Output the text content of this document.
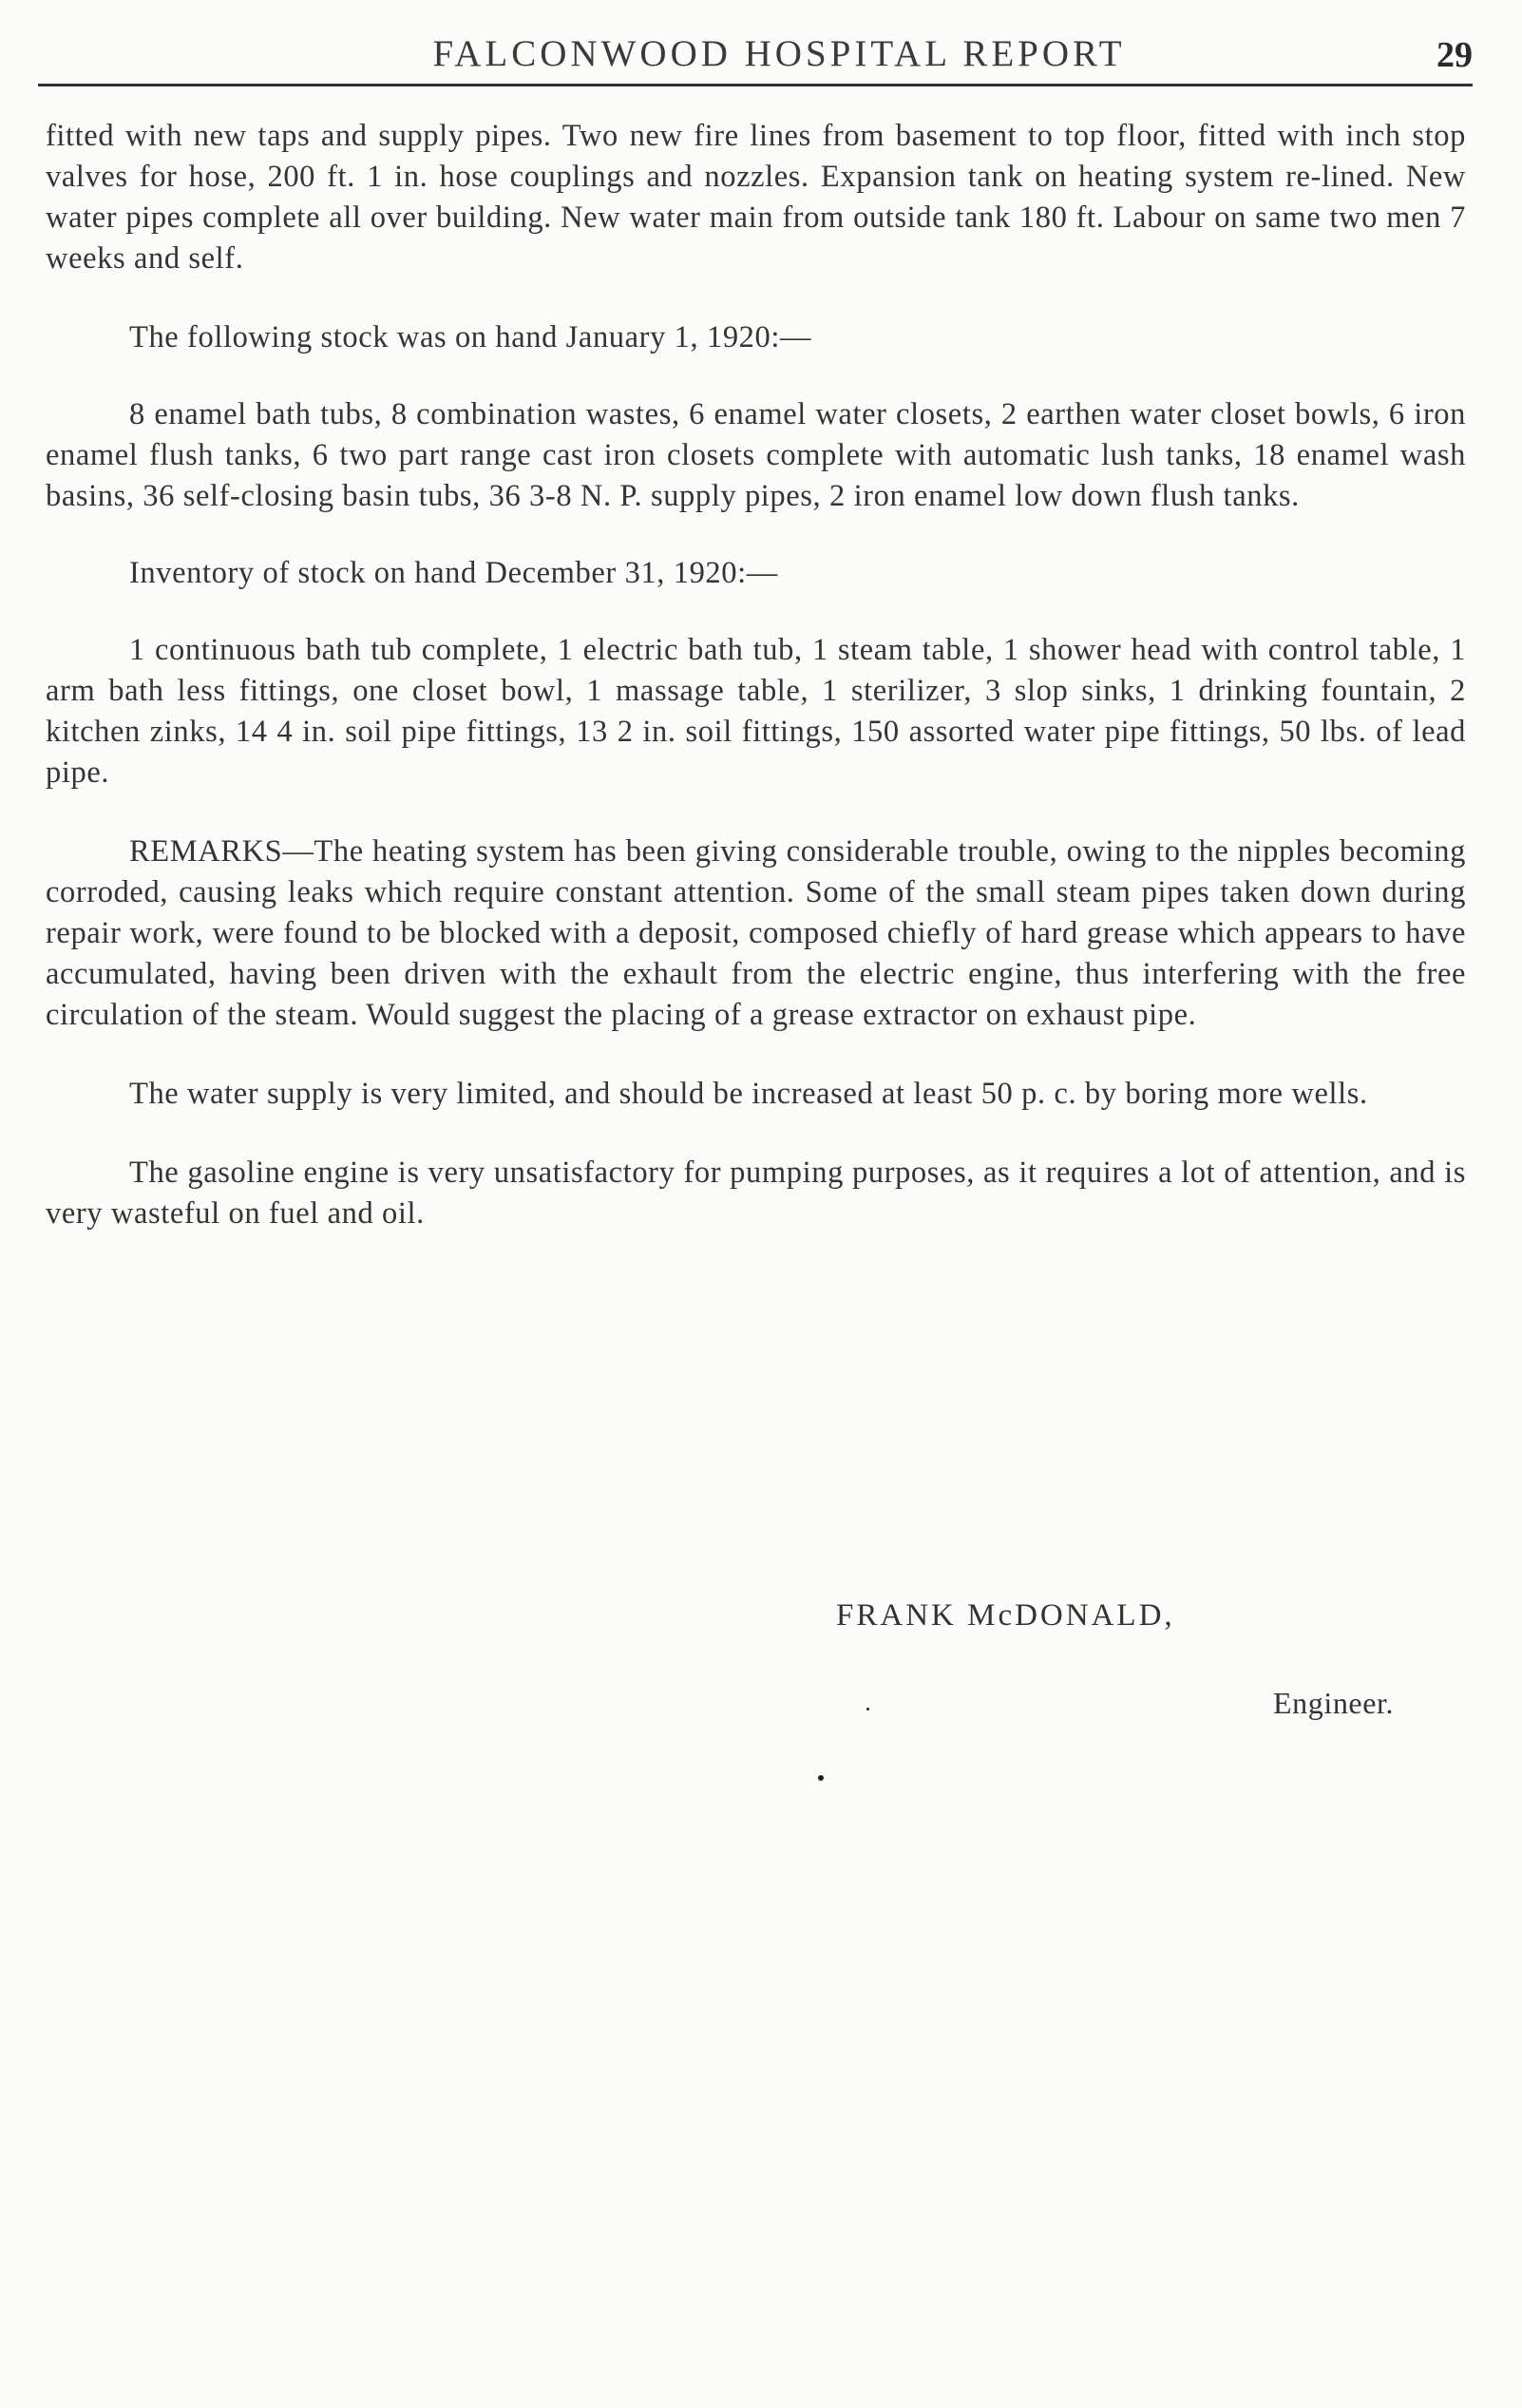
FALCONWOOD HOSPITAL REPORT	29

fitted with new taps and supply pipes. Two new fire lines from basement to top floor, fitted with inch stop valves for hose, 200 ft. 1 in. hose couplings and nozzles. Expansion tank on heating system re-lined. New water pipes complete all over building. New water main from outside tank 180 ft. Labour on same two men 7 weeks and self.

The following stock was on hand January 1, 1920:—

8 enamel bath tubs, 8 combination wastes, 6 enamel water closets, 2 earthen water closet bowls, 6 iron enamel flush tanks, 6 two part range cast iron closets complete with automatic lush tanks, 18 enamel wash basins, 36 self-closing basin tubs, 36 3-8 N. P. supply pipes, 2 iron enamel low down flush tanks.

Inventory of stock on hand December 31, 1920:—

1 continuous bath tub complete, 1 electric bath tub, 1 steam table, 1 shower head with control table, 1 arm bath less fittings, one closet bowl, 1 massage table, 1 sterilizer, 3 slop sinks, 1 drinking fountain, 2 kitchen zinks, 14 4 in. soil pipe fittings, 13 2 in. soil fittings, 150 assorted water pipe fittings, 50 lbs. of lead pipe.

REMARKS—The heating system has been giving considerable trouble, owing to the nipples becoming corroded, causing leaks which require constant attention. Some of the small steam pipes taken down during repair work, were found to be blocked with a deposit, composed chiefly of hard grease which appears to have accumulated, having been driven with the exhault from the electric engine, thus interfering with the free circulation of the steam. Would suggest the placing of a grease extractor on exhaust pipe.

The water supply is very limited, and should be increased at least 50 p. c. by boring more wells.

The gasoline engine is very unsatisfactory for pumping purposes, as it requires a lot of attention, and is very wasteful on fuel and oil.

FRANK McDONALD,
Engineer.
